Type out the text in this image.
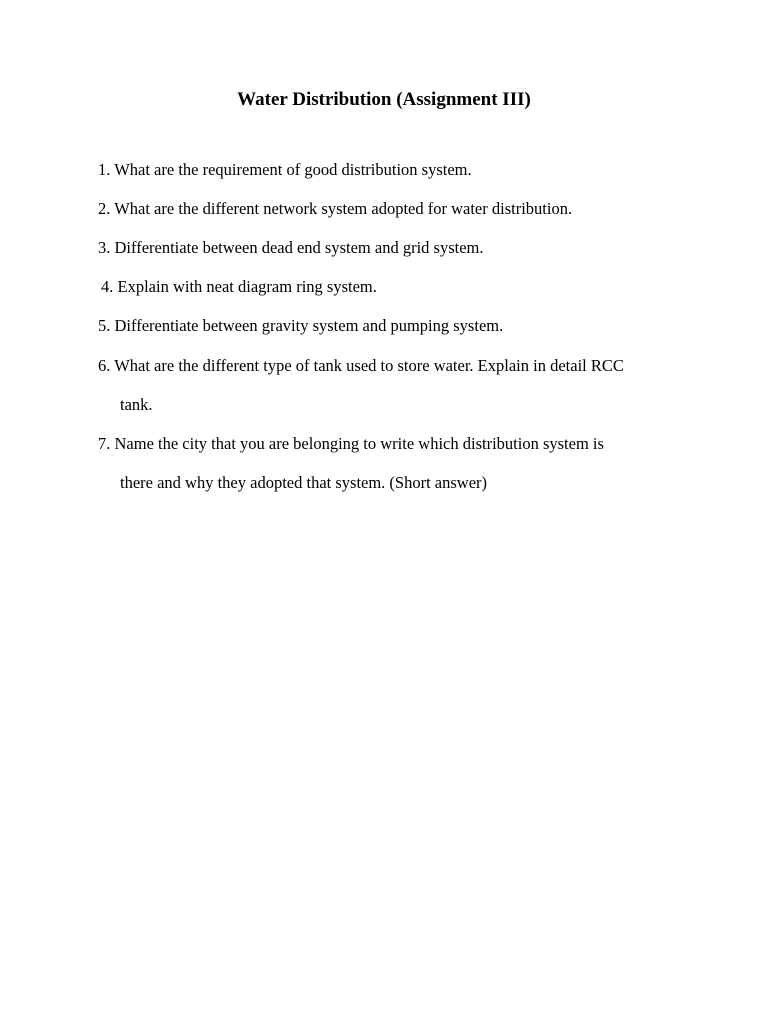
Water Distribution (Assignment III)
1. What are the requirement of good distribution system.
2. What are the different network system adopted for water distribution.
3. Differentiate between dead end system and grid system.
4. Explain with neat diagram ring system.
5. Differentiate between gravity system and pumping system.
6. What are the different type of tank used to store water. Explain in detail RCC
tank.
7. Name the city that you are belonging to write which distribution system is
there and why they adopted that system. (Short answer)
